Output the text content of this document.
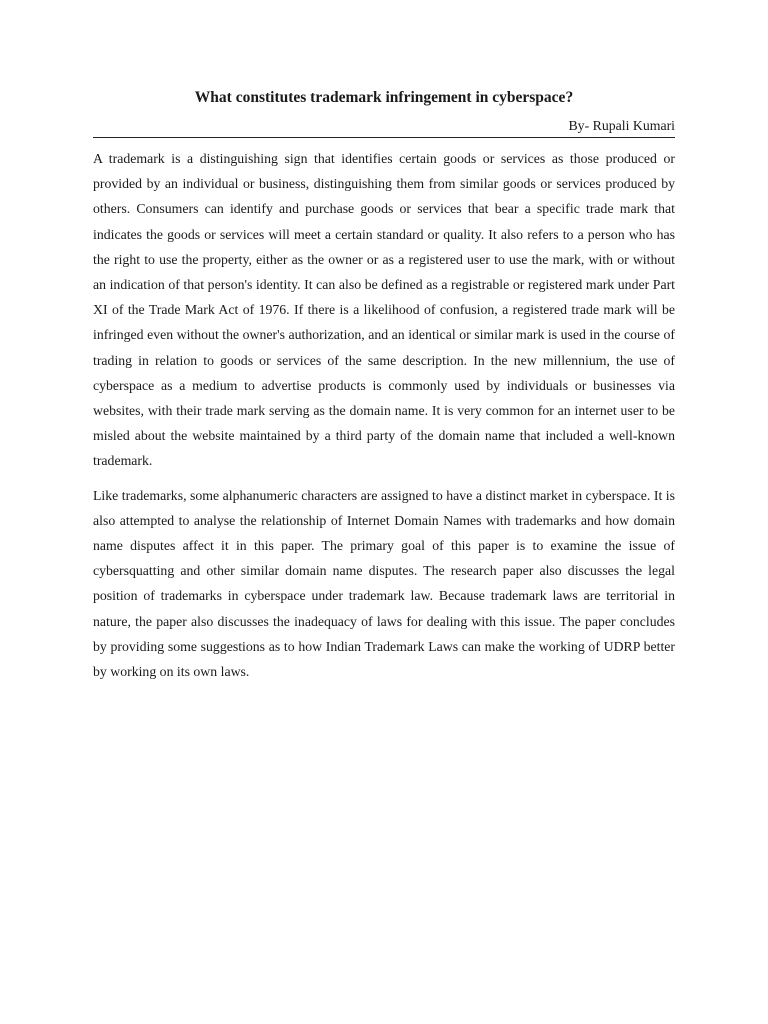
What constitutes trademark infringement in cyberspace?

By- Rupali Kumari

A trademark is a distinguishing sign that identifies certain goods or services as those produced or provided by an individual or business, distinguishing them from similar goods or services produced by others. Consumers can identify and purchase goods or services that bear a specific trade mark that indicates the goods or services will meet a certain standard or quality. It also refers to a person who has the right to use the property, either as the owner or as a registered user to use the mark, with or without an indication of that person's identity. It can also be defined as a registrable or registered mark under Part XI of the Trade Mark Act of 1976. If there is a likelihood of confusion, a registered trade mark will be infringed even without the owner's authorization, and an identical or similar mark is used in the course of trading in relation to goods or services of the same description. In the new millennium, the use of cyberspace as a medium to advertise products is commonly used by individuals or businesses via websites, with their trade mark serving as the domain name. It is very common for an internet user to be misled about the website maintained by a third party of the domain name that included a well-known trademark.

Like trademarks, some alphanumeric characters are assigned to have a distinct market in cyberspace. It is also attempted to analyse the relationship of Internet Domain Names with trademarks and how domain name disputes affect it in this paper. The primary goal of this paper is to examine the issue of cybersquatting and other similar domain name disputes. The research paper also discusses the legal position of trademarks in cyberspace under trademark law. Because trademark laws are territorial in nature, the paper also discusses the inadequacy of laws for dealing with this issue. The paper concludes by providing some suggestions as to how Indian Trademark Laws can make the working of UDRP better by working on its own laws.
